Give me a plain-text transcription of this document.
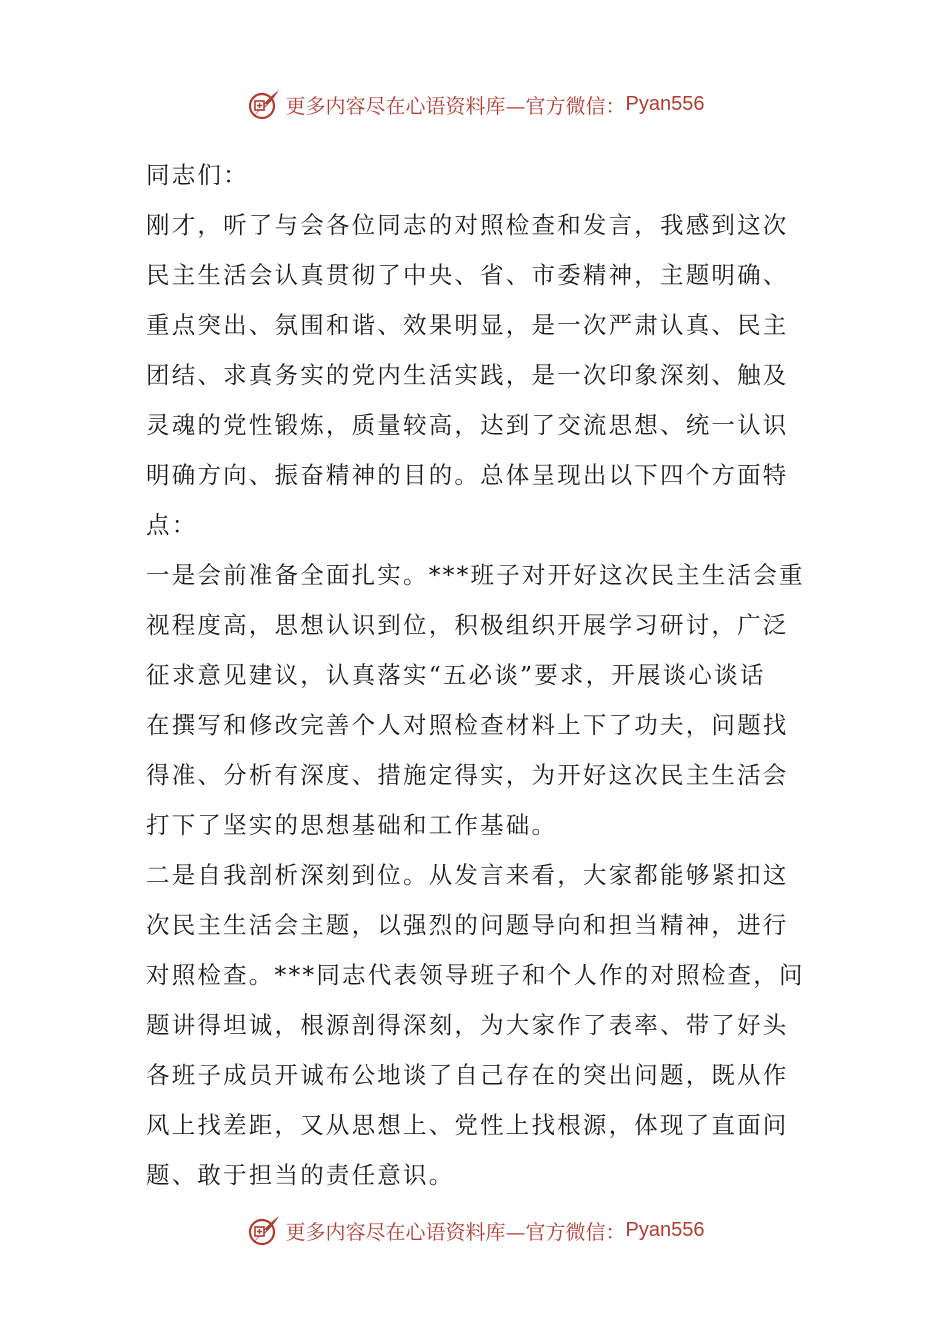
更多内容尽在心语资料库—官方微信： Pyan556
同志们：
刚才，听了与会各位同志的对照检查和发言，我感到这次
民主生活会认真贯彻了中央、省、市委精神，主题明确、
重点突出、氛围和谐、效果明显，是一次严肃认真、民主
团结、求真务实的党内生活实践，是一次印象深刻、触及
灵魂的党性锻炼，质量较高，达到了交流思想、统一认识
明确方向、振奋精神的目的。总体呈现出以下四个方面特
点：
一是会前准备全面扎实。***班子对开好这次民主生活会重
视程度高，思想认识到位，积极组织开展学习研讨，广泛
征求意见建议，认真落实“五必谈”要求，开展谈心谈话
在撰写和修改完善个人对照检查材料上下了功夫，问题找
得准、分析有深度、措施定得实，为开好这次民主生活会
打下了坚实的思想基础和工作基础。
二是自我剖析深刻到位。从发言来看，大家都能够紧扣这
次民主生活会主题，以强烈的问题导向和担当精神，进行
对照检查。***同志代表领导班子和个人作的对照检查，问
题讲得坦诚，根源剖得深刻，为大家作了表率、带了好头
各班子成员开诚布公地谈了自己存在的突出问题，既从作
风上找差距，又从思想上、党性上找根源，体现了直面问
题、敢于担当的责任意识。
更多内容尽在心语资料库—官方微信： Pyan556
